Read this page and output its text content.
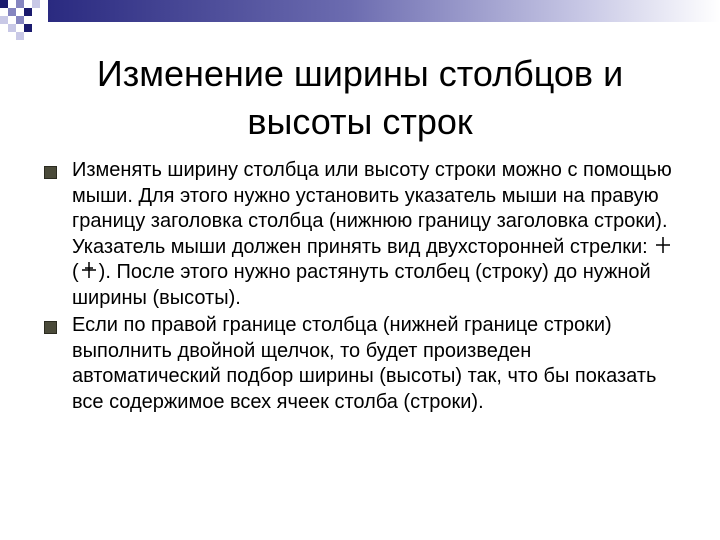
Изменение ширины столбцов и высоты строк
Изменять ширину столбца или высоту строки можно с помощью мыши. Для этого нужно установить указатель мыши на правую границу заголовка столбца (нижнюю границу заголовка строки). Указатель мыши должен принять вид двухсторонней стрелки:  ( ). После этого нужно растянуть столбец (строку) до нужной ширины (высоты).
Если по правой границе столбца (нижней границе строки) выполнить двойной щелчок, то будет произведен автоматический подбор ширины (высоты) так, что бы показать все содержимое всех ячеек столба (строки).
